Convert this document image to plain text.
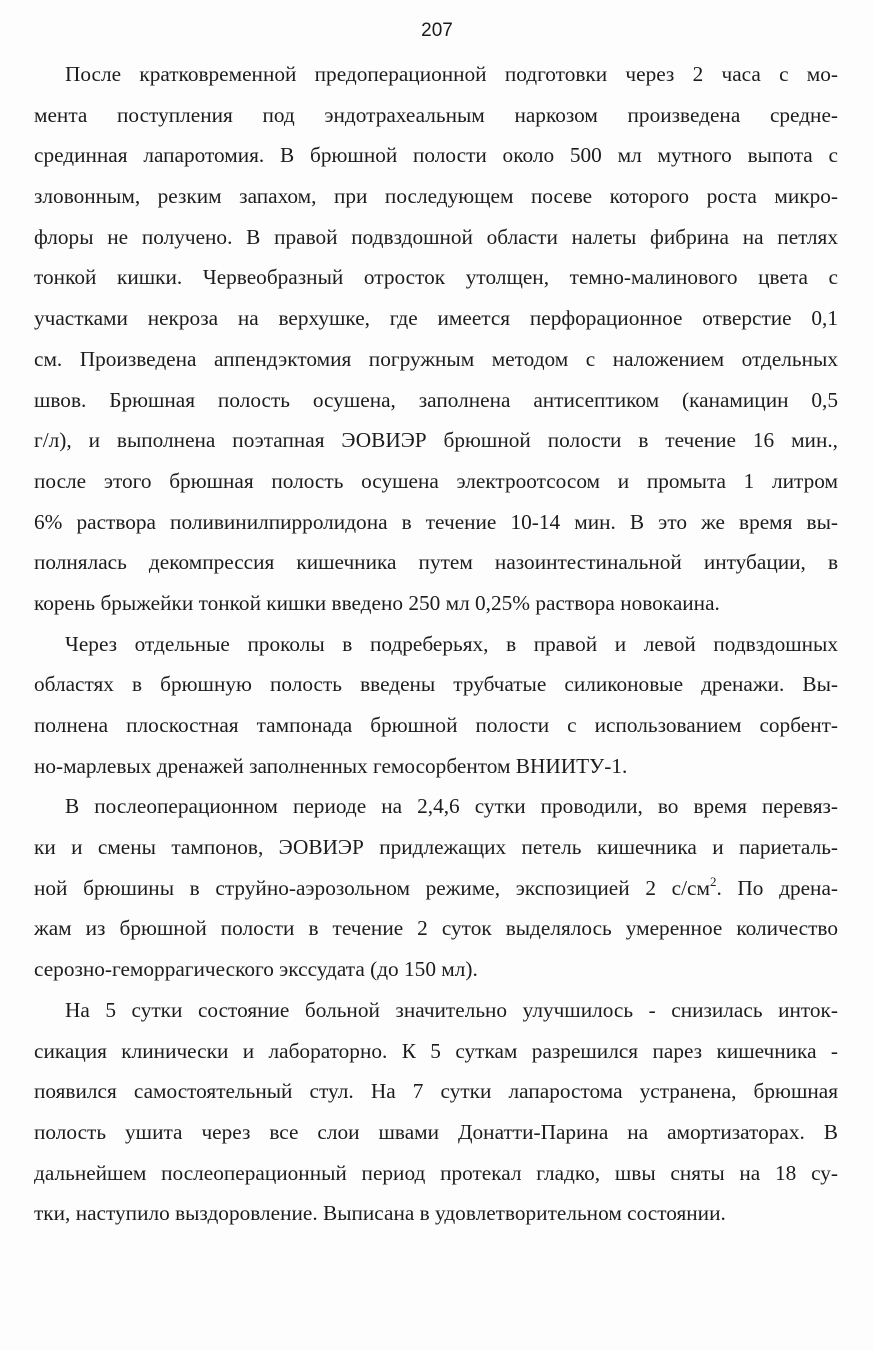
207
После кратковременной предоперационной подготовки через 2 часа с мо-
мента поступления под эндотрахеальным наркозом произведена средне-
срединная лапаротомия. В брюшной полости около 500 мл мутного выпота с
зловонным, резким запахом, при последующем посеве которого роста микро-
флоры не получено. В правой подвздошной области налеты фибрина на петлях
тонкой кишки. Червеобразный отросток утолщен, темно-малинового цвета с
участками некроза на верхушке, где имеется перфорационное отверстие 0,1
см. Произведена аппендэктомия погружным методом с наложением отдельных
швов. Брюшная полость осушена, заполнена антисептиком (канамицин 0,5
г/л), и выполнена поэтапная ЭОВИЭР брюшной полости в течение 16 мин.,
после этого брюшная полость осушена электроотсосом и промыта 1 литром
6% раствора поливинилпирролидона в течение 10-14 мин. В это же время вы-
полнялась декомпрессия кишечника путем назоинтестинальной интубации, в
корень брыжейки тонкой кишки введено 250 мл 0,25% раствора новокаина.
Через отдельные проколы в подреберьях, в правой и левой подвздошных
областях в брюшную полость введены трубчатые силиконовые дренажи. Вы-
полнена плоскостная тампонада брюшной полости с использованием сорбент-
но-марлевых дренажей заполненных гемосорбентом ВНИИТУ-1.
В послеоперационном периоде на 2,4,6 сутки проводили, во время перевяз-
ки и смены тампонов, ЭОВИЭР придлежащих петель кишечника и париеталь-
ной брюшины в струйно-аэрозольном режиме, экспозицией 2 $с/см^2$. По дрена-
жам из брюшной полости в течение 2 суток выделялось умеренное количество
серозно-геморрагического экссудата (до 150 мл).
На 5 сутки состояние больной значительно улучшилось - снизилась инток-
сикация клинически и лабораторно. К 5 суткам разрешился парез кишечника -
появился самостоятельный стул. На 7 сутки лапаростома устранена, брюшная
полость ушита через все слои швами Донатти-Парина на амортизаторах. В
дальнейшем послеоперационный период протекал гладко, швы сняты на 18 су-
тки, наступило выздоровление. Выписана в удовлетворительном состоянии.
